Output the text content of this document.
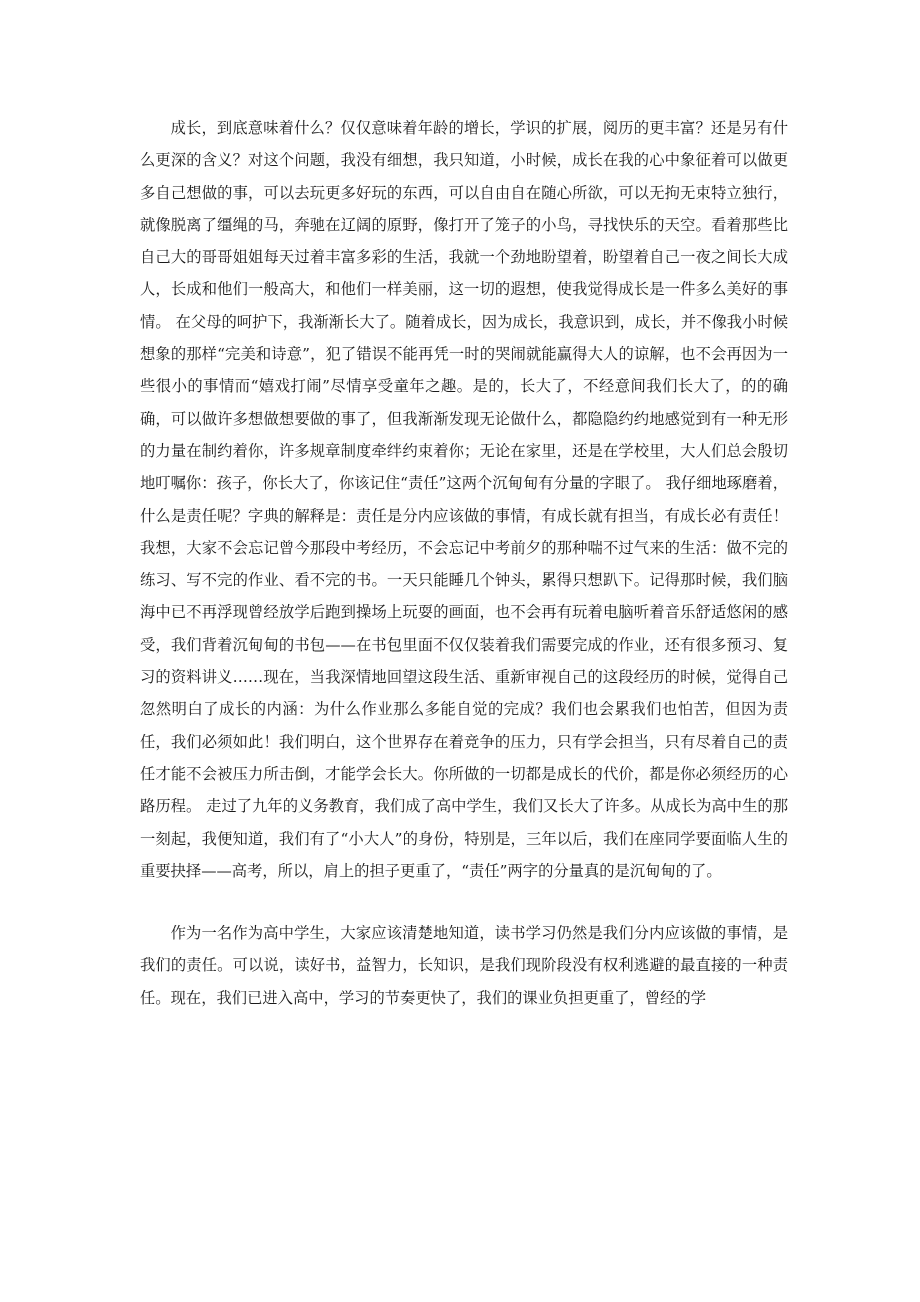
成长，到底意味着什么？仅仅意味着年龄的增长，学识的扩展，阅历的更丰富？还是另有什么更深的含义？对这个问题，我没有细想，我只知道，小时候，成长在我的心中象征着可以做更多自己想做的事，可以去玩更多好玩的东西，可以自由自在随心所欲，可以无拘无束特立独行，就像脱离了缰绳的马，奔驰在辽阔的原野，像打开了笼子的小鸟，寻找快乐的天空。看着那些比自己大的哥哥姐姐每天过着丰富多彩的生活，我就一个劲地盼望着，盼望着自己一夜之间长大成人，长成和他们一般高大，和他们一样美丽，这一切的遐想，使我觉得成长是一件多么美好的事情。 在父母的呵护下，我渐渐长大了。随着成长，因为成长，我意识到，成长，并不像我小时候想象的那样“完美和诗意”，犯了错误不能再凭一时的哭闹就能赢得大人的谅解，也不会再因为一些很小的事情而“嬉戏打闹”尽情享受童年之趣。是的，长大了，不经意间我们长大了，的的确确，可以做许多想做想要做的事了，但我渐渐发现无论做什么，都隐隐约约地感觉到有一种无形的力量在制约着你，许多规章制度牵绊约束着你；无论在家里，还是在学校里，大人们总会殷切地叮嘱你：孩子，你长大了，你该记住“责任”这两个沉甸甸有分量的字眼了。 我仔细地琢磨着，什么是责任呢？字典的解释是：责任是分内应该做的事情，有成长就有担当，有成长必有责任！我想，大家不会忘记曾今那段中考经历，不会忘记中考前夕的那种喘不过气来的生活：做不完的练习、写不完的作业、看不完的书。一天只能睡几个钟头，累得只想趴下。记得那时候，我们脑海中已不再浮现曾经放学后跑到操场上玩耍的画面，也不会再有玩着电脑听着音乐舒适悠闲的感受，我们背着沉甸甸的书包——在书包里面不仅仅装着我们需要完成的作业，还有很多预习、复习的资料讲义……现在，当我深情地回望这段生活、重新审视自己的这段经历的时候，觉得自己忽然明白了成长的内涵：为什么作业那么多能自觉的完成？我们也会累我们也怕苦，但因为责任，我们必须如此！我们明白，这个世界存在着竞争的压力，只有学会担当，只有尽着自己的责任才能不会被压力所击倒，才能学会长大。你所做的一切都是成长的代价，都是你必须经历的心路历程。 走过了九年的义务教育，我们成了高中学生，我们又长大了许多。从成长为高中生的那一刻起，我便知道，我们有了“小大人”的身份，特别是，三年以后，我们在座同学要面临人生的重要抉择——高考，所以，肩上的担子更重了，“责任”两字的分量真的是沉甸甸的了。

作为一名作为高中学生，大家应该清楚地知道，读书学习仍然是我们分内应该做的事情，是我们的责任。可以说，读好书，益智力，长知识，是我们现阶段没有权利逃避的最直接的一种责任。现在，我们已进入高中，学习的节奏更快了，我们的课业负担更重了，曾经的学
